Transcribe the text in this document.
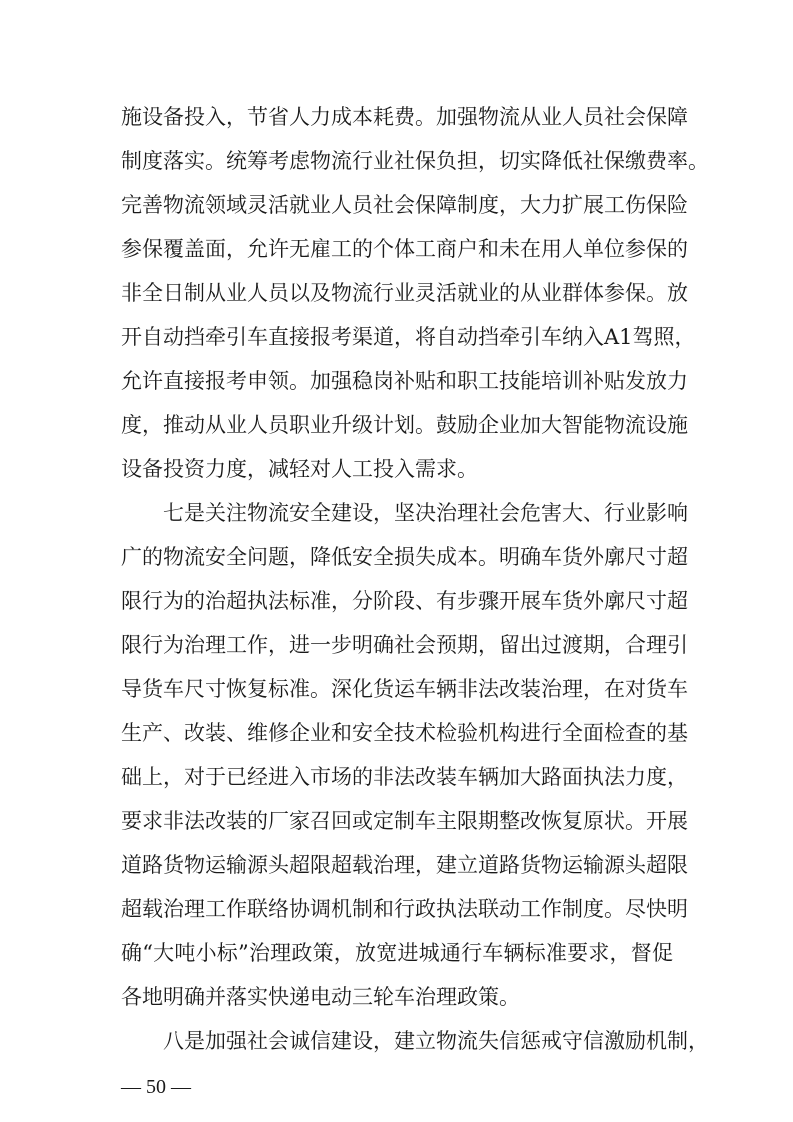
施设备投入，节省人力成本耗费。加强物流从业人员社会保障
制度落实。统筹考虑物流行业社保负担，切实降低社保缴费率。
完善物流领域灵活就业人员社会保障制度，大力扩展工伤保险
参保覆盖面，允许无雇工的个体工商户和未在用人单位参保的
非全日制从业人员以及物流行业灵活就业的从业群体参保。放
开自动挡牵引车直接报考渠道，将自动挡牵引车纳入A1驾照，
允许直接报考申领。加强稳岗补贴和职工技能培训补贴发放力
度，推动从业人员职业升级计划。鼓励企业加大智能物流设施
设备投资力度，减轻对人工投入需求。
七是关注物流安全建设，坚决治理社会危害大、行业影响
广的物流安全问题，降低安全损失成本。明确车货外廓尺寸超
限行为的治超执法标准，分阶段、有步骤开展车货外廓尺寸超
限行为治理工作，进一步明确社会预期，留出过渡期，合理引
导货车尺寸恢复标准。深化货运车辆非法改装治理，在对货车
生产、改装、维修企业和安全技术检验机构进行全面检查的基
础上，对于已经进入市场的非法改装车辆加大路面执法力度，
要求非法改装的厂家召回或定制车主限期整改恢复原状。开展
道路货物运输源头超限超载治理，建立道路货物运输源头超限
超载治理工作联络协调机制和行政执法联动工作制度。尽快明
确“大吨小标”治理政策，放宽进城通行车辆标准要求，督促
各地明确并落实快递电动三轮车治理政策。
八是加强社会诚信建设，建立物流失信惩戒守信激励机制，
— 50 —
